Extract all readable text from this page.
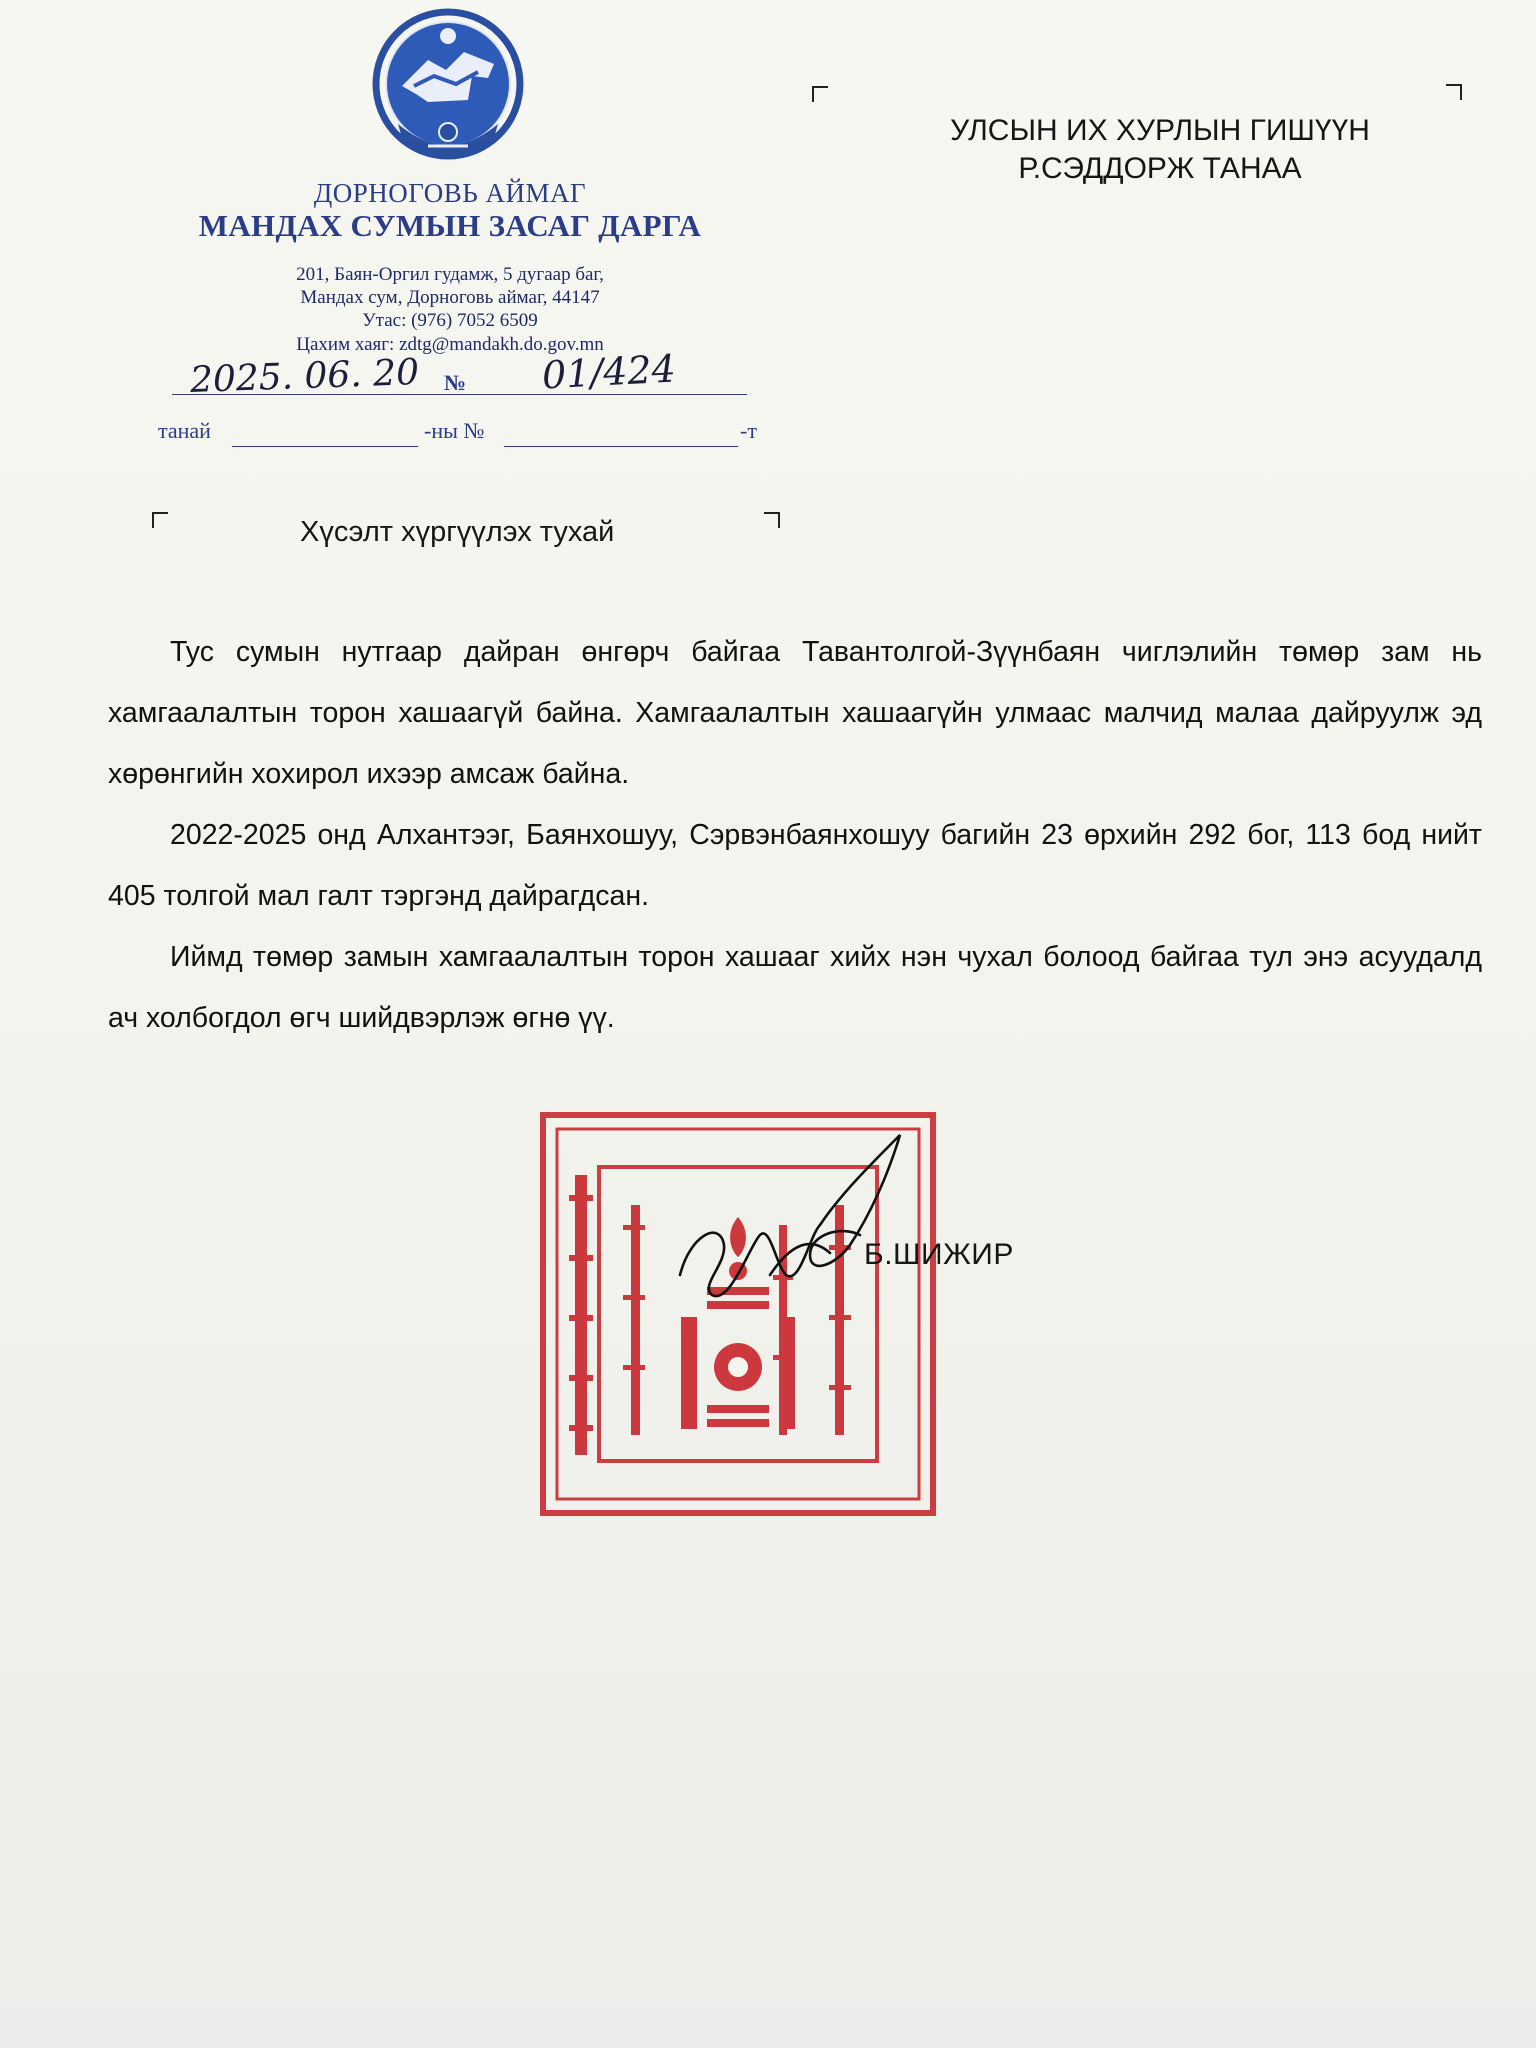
ДОРНОГОВЬ АЙМАГ
МАНДАХ СУМЫН ЗАСАГ ДАРГА
201, Баян-Оргил гудамж, 5 дугаар баг,
Мандах сум, Дорноговь аймаг, 44147
Утас: (976) 7052 6509
Цахим хаяг: zdtg@mandakh.do.gov.mn
2025. 06. 20 № 01/424
танай	-ны №	-т
УЛСЫН ИХ ХУРЛЫН ГИШҮҮН
Р.СЭДДОРЖ ТАНАА
Хүсэлт хүргүүлэх тухай

Тус сумын нутгаар дайран өнгөрч байгаа Тавантолгой-Зүүнбаян чиглэлийн төмөр зам нь хамгаалалтын торон хашаагүй байна. Хамгаалалтын хашаагүйн улмаас малчид малаа дайруулж эд хөрөнгийн хохирол ихээр амсаж байна.

2022-2025 онд Алхантээг, Баянхошуу, Сэрвэнбаянхошуу багийн 23 өрхийн 292 бог, 113 бод нийт 405 толгой мал галт тэргэнд дайрагдсан.

Иймд төмөр замын хамгаалалтын торон хашааг хийх нэн чухал болоод байгаа тул энэ асуудалд ач холбогдол өгч шийдвэрлэж өгнө үү.

Б.ШИЖИР
